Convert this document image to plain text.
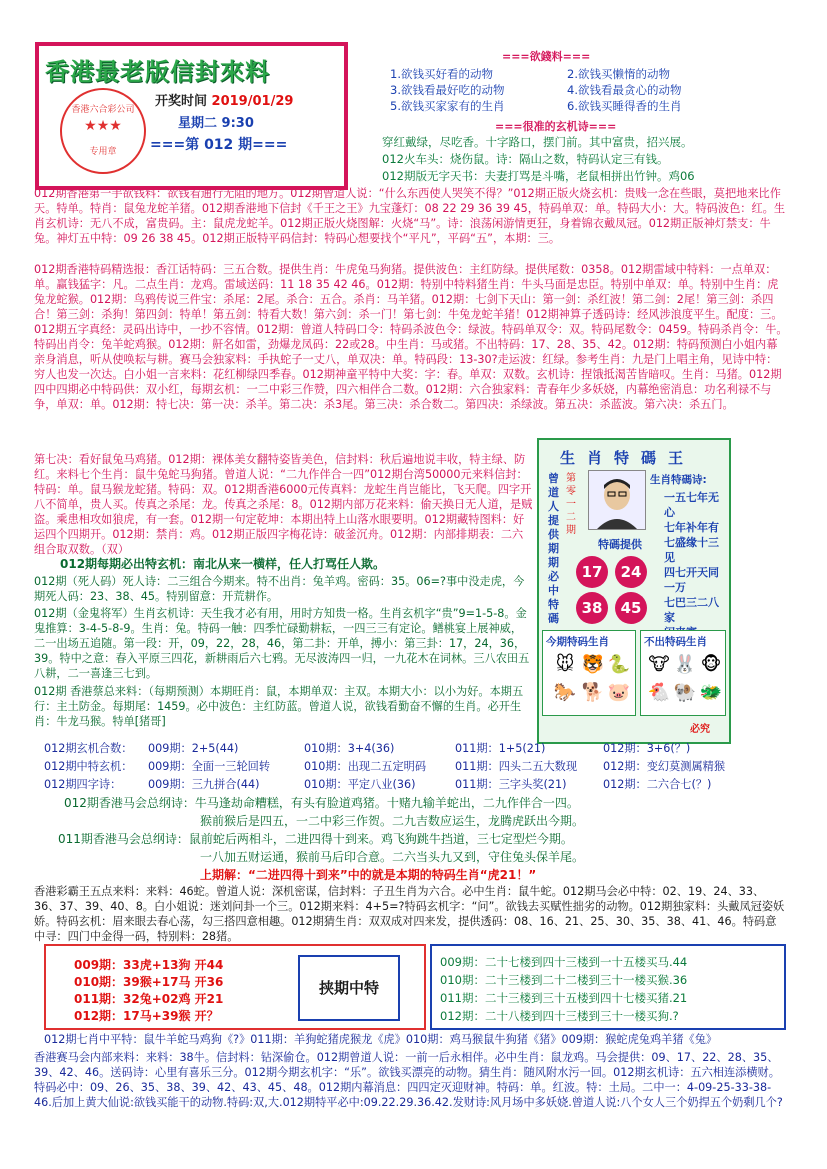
香港最老版信封來料
香港六合彩公司
★★★
专用章
开奖时间 2019/01/29
星期二 9:30
===第 012 期===
===欲錢料===
1.欲钱买好看的动物	2.欲钱买懒惰的动物
3.欲钱看最好吃的动物	4.欲钱看最贪心的动物
5.欲钱买家家有的生肖	6.欲钱买睡得香的生肖
===很准的玄机诗===
穿红戴绿，尽吃香。十字路口，摆门前。其中富贵，招兴展。
012火车头：烧伤鼠。诗：隔山之数，特码认定三有钱。
012期版无字天书：夫妻打骂是斗嘴，老鼠相拼出竹钟。鸡06
012期香港第一手欲钱料：欲钱看通行无阻的地方。012期曾道人说：“什么东西使人哭笑不得？”012期正版火烧玄机：贵贱一念在些眼，莫把地来比作天。特单。特肖：鼠兔龙蛇羊猪。012期香港地下信封《千王之王》九宝蓬灯：08 22 29 36 39 45，特码单双：单。特码大小：大。特码波色：红。生肖玄机诗：无八不成，富贵码。主：鼠虎龙蛇羊。012期正版火烧图解：火烧“马”。诗：浪荡闲游情更狂，身着锦衣戴凤冠。012期正版神灯禁支：牛兔。神灯五中特：09 26 38 45。012期正版特平码信封：特码心想要找个“平凡”，平码“五”，本期：三。
012期香港特码精选报：香江话特码：三五合数。提供生肖：牛虎兔马狗猪。提供波色：主红防绿。提供尾数：0358。012期雷域中特料：一点单双：单。赢钱猛字：凡。二点生肖：龙鸡。雷域送码：11 18 35 42 46。012期：特别中特料猪生肖：牛头马面是忠臣。特别中单双：单。特别中生肖：虎兔龙蛇猴。012期：鸟鸦传说三件宝：杀尾：2尾。杀合：五合。杀肖：马羊猪。012期：七剑下天山：第一剑：杀红波！第二剑：2尾！第三剑：杀四合！第三剑：杀狗！第四剑：特单！第五剑：特看大数！第六剑：杀一门！第七剑：牛兔龙蛇羊猪！012期神算子透码诗：经风涉浪度平生。配度：三。012期五字真经：灵码出诗中，一抄不容情。012期：曾道人特码口令：特码杀波色令：绿波。特码单双令：双。特码尾数令：0459。特码杀肖令：牛。特码出肖令：兔羊蛇鸡猴。012期：鼾名如雷，劲爆龙凤码：22或28。中生肖：马或猪。不出特码：17、28、35、42。012期：特码预测白小姐内幕亲身消息，听从使唤耘与耕。赛马会独家料：手执蛇子一丈八，单双决：单。特码段：13-30?走运波：红绿。参考生肖：九是门上唱主角，见诗中特：穷人也发一次达。白小姐一言来料：花红柳绿四季春。012期神童平特中大奖：字：春。单双：双数。玄机诗：捏饿抵渴苦皆暗叹。生肖：马猪。012期四中四期必中特码供：双小红，每期玄机：一二中彩三作赞，四六相伴合二数。012期：六合独家料：青春年少多妖娆，内幕绝密消息：功名利禄不与争，单双：单。012期：特七决：第一决：杀羊。第二决：杀3尾。第三决：杀合数二。第四决：杀绿波。第五决：杀蓝波。第六决：杀五门。
第七决：看好鼠兔马鸡猪。012期：裸体美女翻特姿皆美色，信封料：秋后遍地说丰收，特主绿、防红。来料七个生肖：鼠牛兔蛇马狗猪。曾道人说：“二九作伴合一四”012期台湾50000元来料信封：特码：单。鼠马猴龙蛇猪。特码：双。012期香港6000元传真料：龙蛇生肖岂能比，飞天爬。四字开八不简单，贵人买。传真之杀尾：龙。传真之杀尾：8。012期内部万花来料：偷天换日无人道，是贼盗。乘患相攻如狼虎，有一套。012期一句定乾坤：本期出特上山落水眼要明。012期藏特图料：好运四个四期开。012期：禁肖：鸡。012期正版四字梅花诗：破釜沉舟。012期：内部排期表：二六组合取双数。（双）
012期每期必出特玄机：南北从来一横样，任人打骂任人欺。
012期（死人码）死人诗：二三组合今期来。特不出肖：兔羊鸡。密码：35。06=?事中没走虎，今期死人码：23、38、45。特别留意：开荒耕作。
012期（金鬼将军）生肖玄机诗：天生我才必有用，用时方知贵一格。生肖玄机字“贵”9=1-5-8。金鬼推算：3-4-5-8-9。生肖：兔。特码一触：四季忙碌勤耕耘，一四三三有定论。鳝桃宴上展神威，二一出场五追随。第一段：开，09，22，28，46，第二卦：开单，搏小：第三卦：17，24，36，39。特中之意：春入平原三四花，新耕雨后六七鸦。无尽波涛四一归，一九花木在词林。三八农田五八耕，二一喜逢三七到。
012期 香港蔡总来料：（每期预测）本期旺肖：鼠，本期单双：主双。本期大小：以小为好。本期五行：主土防金。每期尾：1459。必中波色：主红防蓝。曾道人说，欲钱看勤奋不懈的生肖。必开生肖：牛龙马猴。特单[猪哥]
生肖特碼王
曾道人提供期期必中特碼
第零一二期
生肖特碼诗:
一五七年无心
七年补年有
七盛缘十三见
四七开天同一万
七巴三二八家
特碼提供
17	24
38	45
今期特码生肖	不出特码生肖
🐭 🐯 🐍
🐎 🐕 🐷
🐮 🐰 🐵
🐔 🐏 🐲
必究
012期玄机合数： 009期：2+5(44)	010期：3+4(36)	011期：1+5(21)	012期：3+6(？)
012期中特玄机： 009期：全面一三轮回转	010期：出现二五定明码	011期：四头二五大数现 012期：变幻莫测属精猴
012期四字诗： 009期：三九拼合(44)	010期：平定八业(36)	011期：三字头奖(21)	012期：二六合七(？)
012期香港马会总纲诗：牛马逢劫命糟糕，有头有脸道鸡猪。十赌九输羊蛇出，二九作伴合一四。
猴前猴后是四五，一二中彩三作贺。二九吉数应运生，龙腾虎跃出今期。
011期香港马会总纲诗：鼠前蛇后两相斗，二进四得十到来。鸡飞狗跳牛挡道，三七定型烂今期。
一八加五财运通，猴前马后印合意。二六当头九又到，守住兔头保羊尾。
上期解：“二进四得十到来”中的就是本期的特码生肖“虎21！”
香港彩霸王五点来料：来料：46蛇。曾道人说：深机密谋，信封料：子丑生肖为六合。必中生肖：鼠牛蛇。012期马会必中特：02、19、24、33、36、37、39、40、8。白小姐说：迷刘问卦一个三。012期来料：4+5=?特码玄机字：“问”。欲钱去买赋性拙劣的动物。012期独家料：头戴凤冠姿妖娇。特码玄机：眉来眼去春心荡，勾三搭四意相趣。012期猜生肖：双双成对四来发，提供透码：08、16、21、25、30、35、38、41、46。特码意中寻：四门中金得一码，特别料：28猪。
009期：33虎+13狗 开44
010期：39猴+17马 开36
011期：32兔+02鸡 开21
012期：17马+39猴 开？
挟期中特
009期：二十七楼到四十三楼到一十五楼买马.44
010期：二十三楼到二十二楼到三十一楼买猴.36
011期：二十三楼到三十五楼到四十七楼买猪.21
012期：二十八楼到四十三楼到三十一楼买狗.?
012期七肖中平特：鼠牛羊蛇马鸡狗《?》011期：羊狗蛇猪虎猴龙《虎》010期：鸡马猴鼠牛狗猪《猪》009期：猴蛇虎兔鸡羊猪《兔》
香港赛马会内部来料：来料：38牛。信封料：钻深偷仓。012期曾道人说：一前一后永相伴。必中生肖：鼠龙鸡。马会提供：09、17、22、28、35、39、42、46。送码诗：心里有喜乐三分。012期今期玄机字：“乐”。欲钱买漂亮的动物。猜生肖：随风附水污一回。012期玄机诗：五六相连添横财。特码必中：09、26、35、38、39、42、43、45、48。012期内幕消息：四四定灭迎财神。特码：单。红波。特：土局。二中一：4-09-25-33-38-46.后加上黄大仙说:欲钱买能干的动物.特码:双,大.012期特平必中:09.22.29.36.42.发财诗:风月场中多妖娆.曾道人说:八个女人三个奶捍五个奶剩几个?
